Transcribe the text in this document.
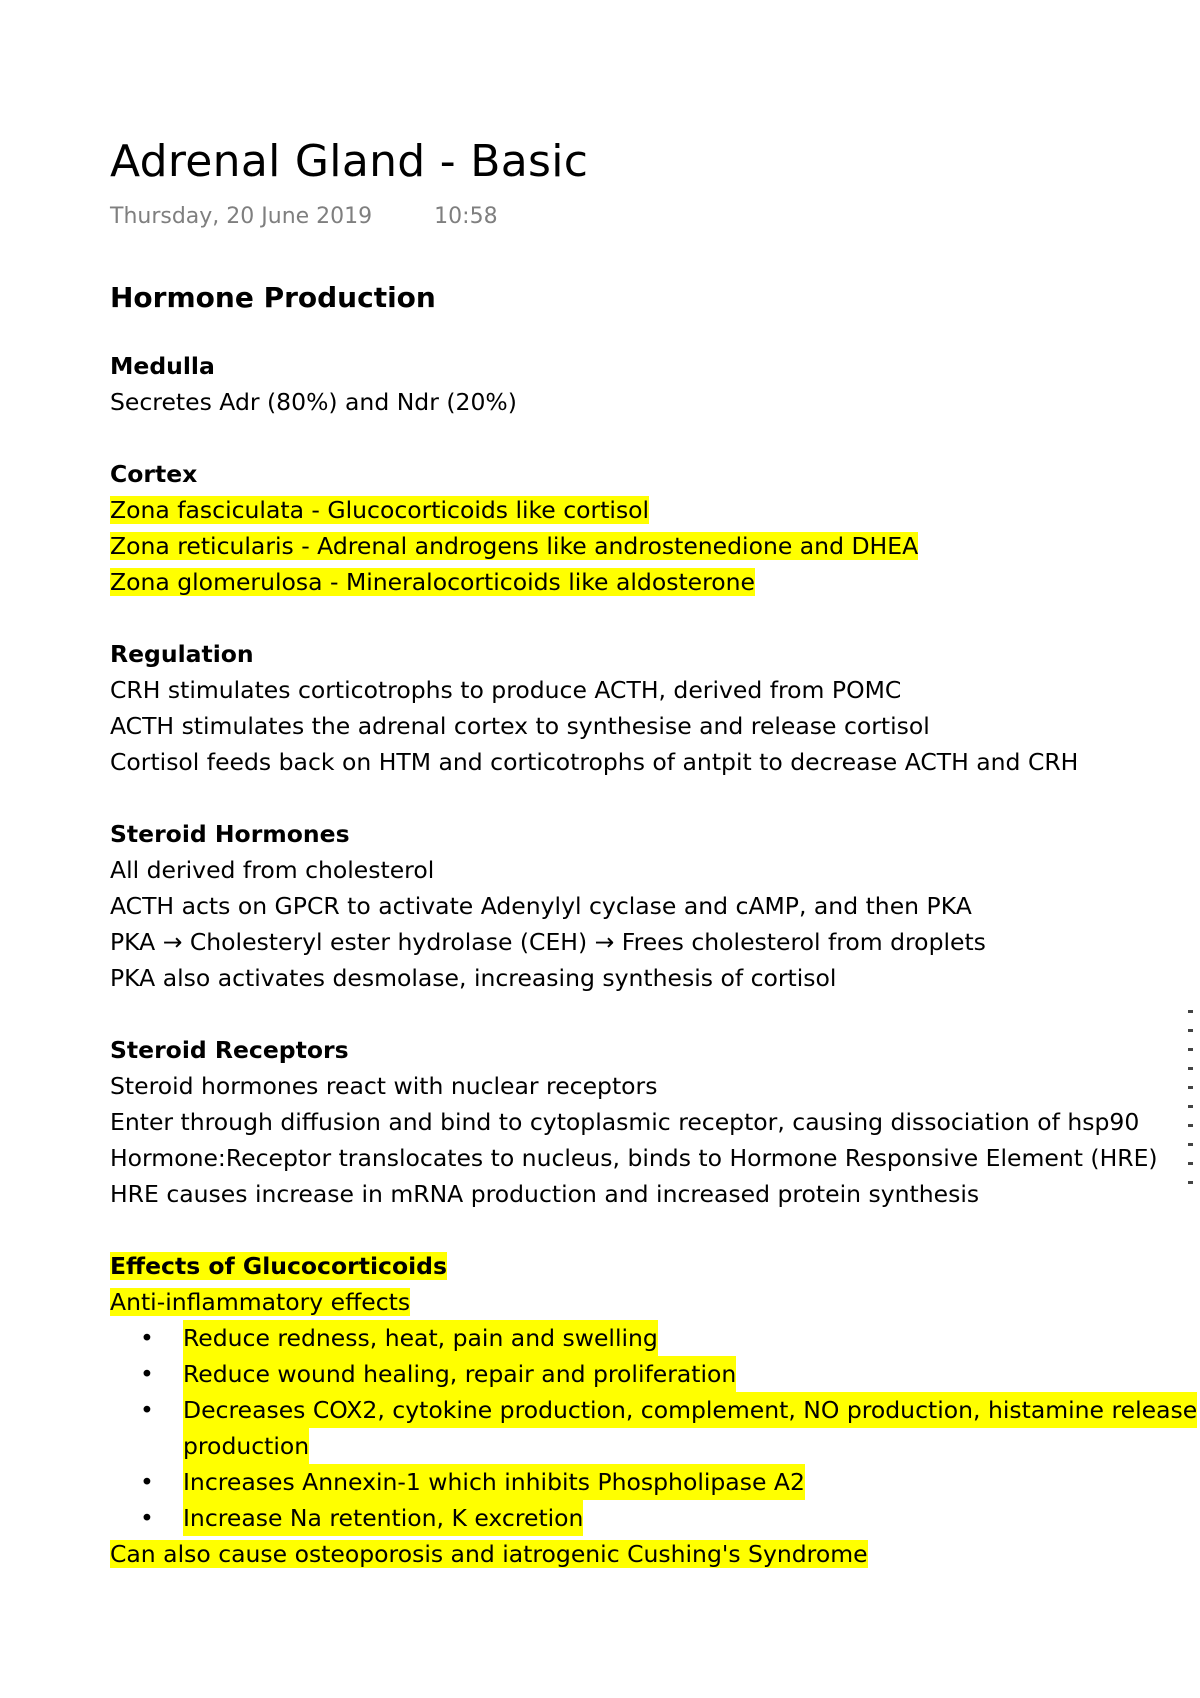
Adrenal Gland - Basic
Thursday, 20 June 2019	10:58
Hormone Production
Medulla
Secretes Adr (80%) and Ndr (20%)
Cortex
Zona fasciculata - Glucocorticoids like cortisol
Zona reticularis - Adrenal androgens like androstenedione and DHEA
Zona glomerulosa - Mineralocorticoids like aldosterone
Regulation
CRH stimulates corticotrophs to produce ACTH, derived from POMC
ACTH stimulates the adrenal cortex to synthesise and release cortisol
Cortisol feeds back on HTM and corticotrophs of antpit to decrease ACTH and CRH
Steroid Hormones
All derived from cholesterol
ACTH acts on GPCR to activate Adenylyl cyclase and cAMP, and then PKA
PKA → Cholesteryl ester hydrolase (CEH) → Frees cholesterol from droplets
PKA also activates desmolase, increasing synthesis of cortisol
Steroid Receptors
Steroid hormones react with nuclear receptors
Enter through diffusion and bind to cytoplasmic receptor, causing dissociation of hsp90
Hormone:Receptor translocates to nucleus, binds to Hormone Responsive Element (HRE)
HRE causes increase in mRNA production and increased protein synthesis
Effects of Glucocorticoids
Anti-inflammatory effects
• Reduce redness, heat, pain and swelling
• Reduce wound healing, repair and proliferation
• Decreases COX2, cytokine production, complement, NO production, histamine release
production
• Increases Annexin-1 which inhibits Phospholipase A2
• Increase Na retention, K excretion
Can also cause osteoporosis and iatrogenic Cushing's Syndrome
